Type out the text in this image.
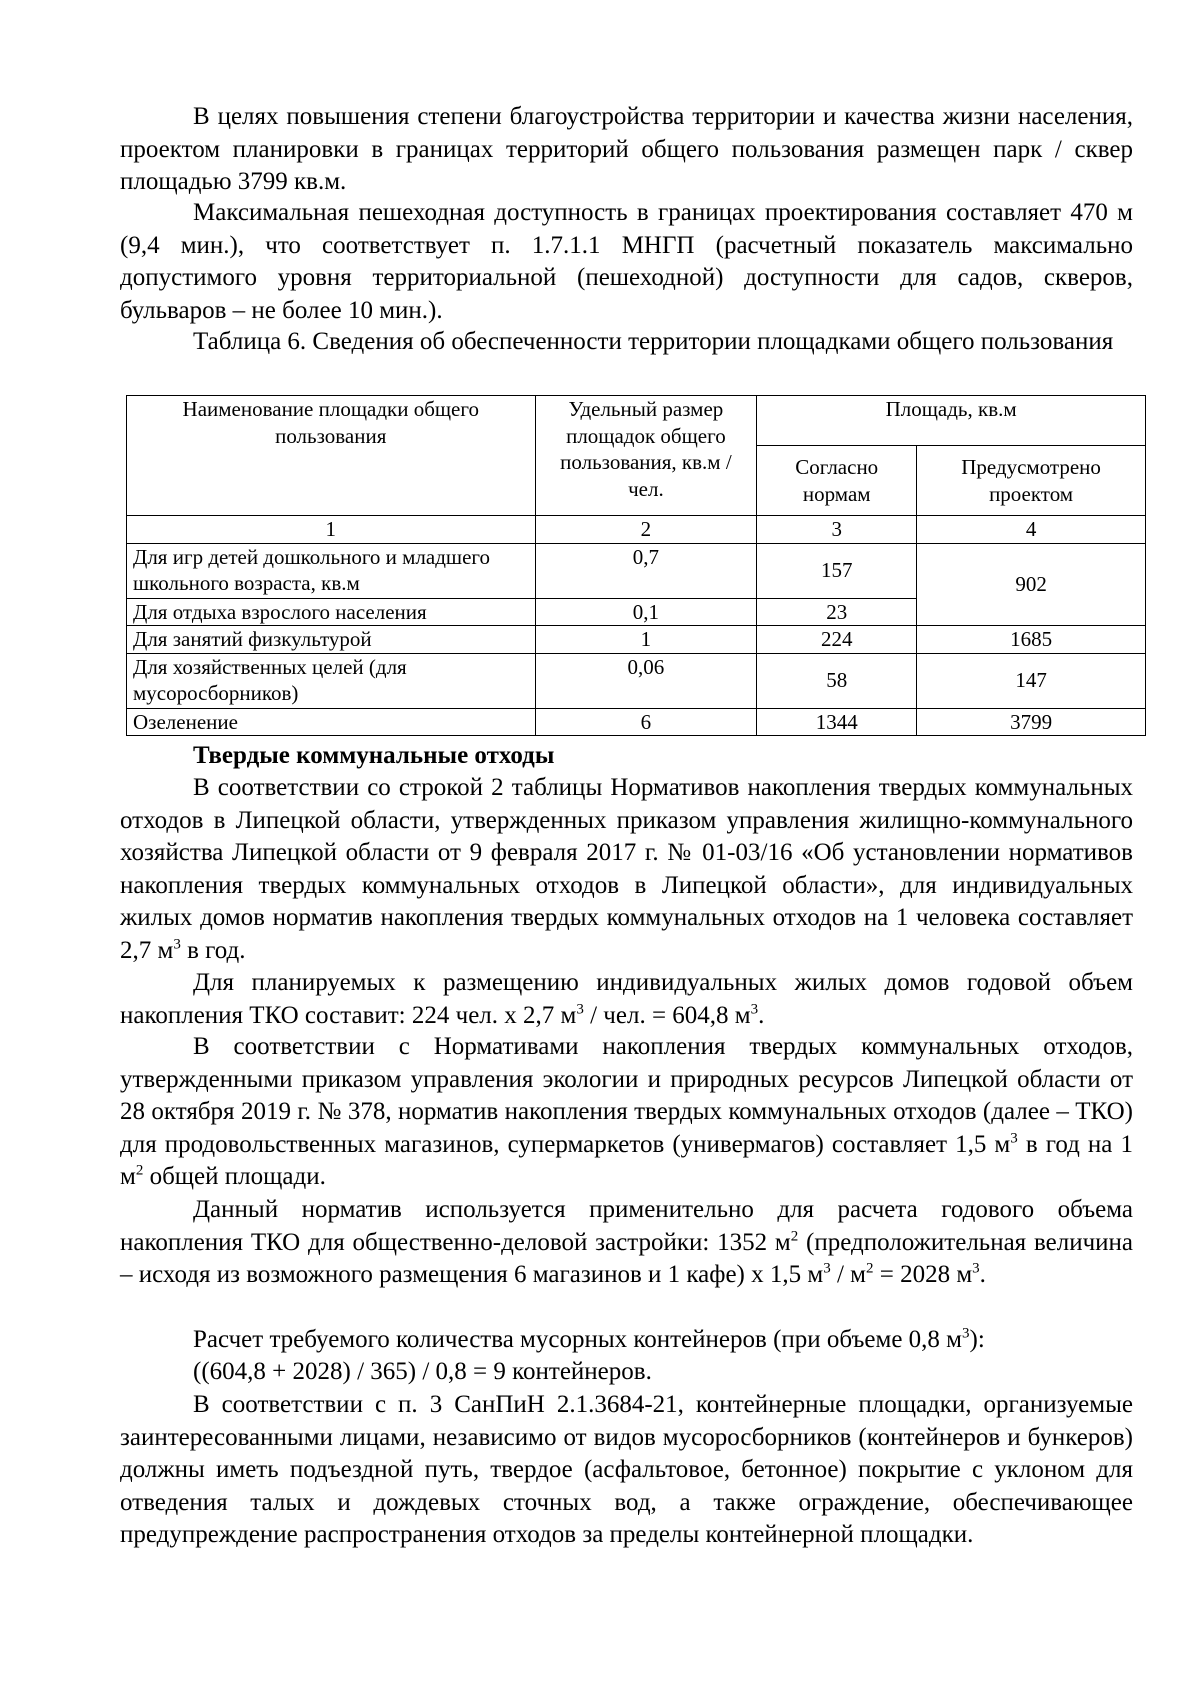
В целях повышения степени благоустройства территории и качества жизни населения, проектом планировки в границах территорий общего пользования размещен парк / сквер площадью 3799 кв.м.

Максимальная пешеходная доступность в границах проектирования составляет 470 м (9,4 мин.), что соответствует п. 1.7.1.1 МНГП (расчетный показатель максимально допустимого уровня территориальной (пешеходной) доступности для садов, скверов, бульваров – не более 10 мин.).

Таблица 6. Сведения об обеспеченности территории площадками общего пользования

Наименование площадки общего пользования	Удельный размер площадок общего пользования, кв.м / чел.	Площадь, кв.м	
		Согласно нормам	Предусмотрено проектом
1	2	3	4
Для игр детей дошкольного и младшего школьного возраста, кв.м	0,7	157	902
Для отдыха взрослого населения	0,1	23	
Для занятий физкультурой	1	224	1685
Для хозяйственных целей (для мусоросборников)	0,06	58	147
Озеленение	6	1344	3799

Твердые коммунальные отходы

В соответствии со строкой 2 таблицы Нормативов накопления твердых коммунальных отходов в Липецкой области, утвержденных приказом управления жилищно-коммунального хозяйства Липецкой области от 9 февраля 2017 г. № 01-03/16 «Об установлении нормативов накопления твердых коммунальных отходов в Липецкой области», для индивидуальных жилых домов норматив накопления твердых коммунальных отходов на 1 человека составляет 2,7 $м^3$ в год.

Для планируемых к размещению индивидуальных жилых домов годовой объем накопления ТКО составит: 224 чел. х 2,7 $м^3$ / чел. = 604,8 $м^3$.

В соответствии с Нормативами накопления твердых коммунальных отходов, утвержденными приказом управления экологии и природных ресурсов Липецкой области от 28 октября 2019 г. № 378, норматив накопления твердых коммунальных отходов (далее – ТКО) для продовольственных магазинов, супермаркетов (универмагов) составляет 1,5 $м^3$ в год на 1 $м^2$ общей площади.

Данный норматив используется применительно для расчета годового объема накопления ТКО для общественно-деловой застройки: 1352 $м^2$ (предположительная величина – исходя из возможного размещения 6 магазинов и 1 кафе) х 1,5 $м^3 / м^2 = 2028$ $м^3$.

Расчет требуемого количества мусорных контейнеров (при объеме 0,8 $м^3$):

((604,8 + 2028) / 365) / 0,8 = 9 контейнеров.

В соответствии с п. 3 СанПиН 2.1.3684-21, контейнерные площадки, организуемые заинтересованными лицами, независимо от видов мусоросборников (контейнеров и бункеров) должны иметь подъездной путь, твердое (асфальтовое, бетонное) покрытие с уклоном для отведения талых и дождевых сточных вод, а также ограждение, обеспечивающее предупреждение распространения отходов за пределы контейнерной площадки.
